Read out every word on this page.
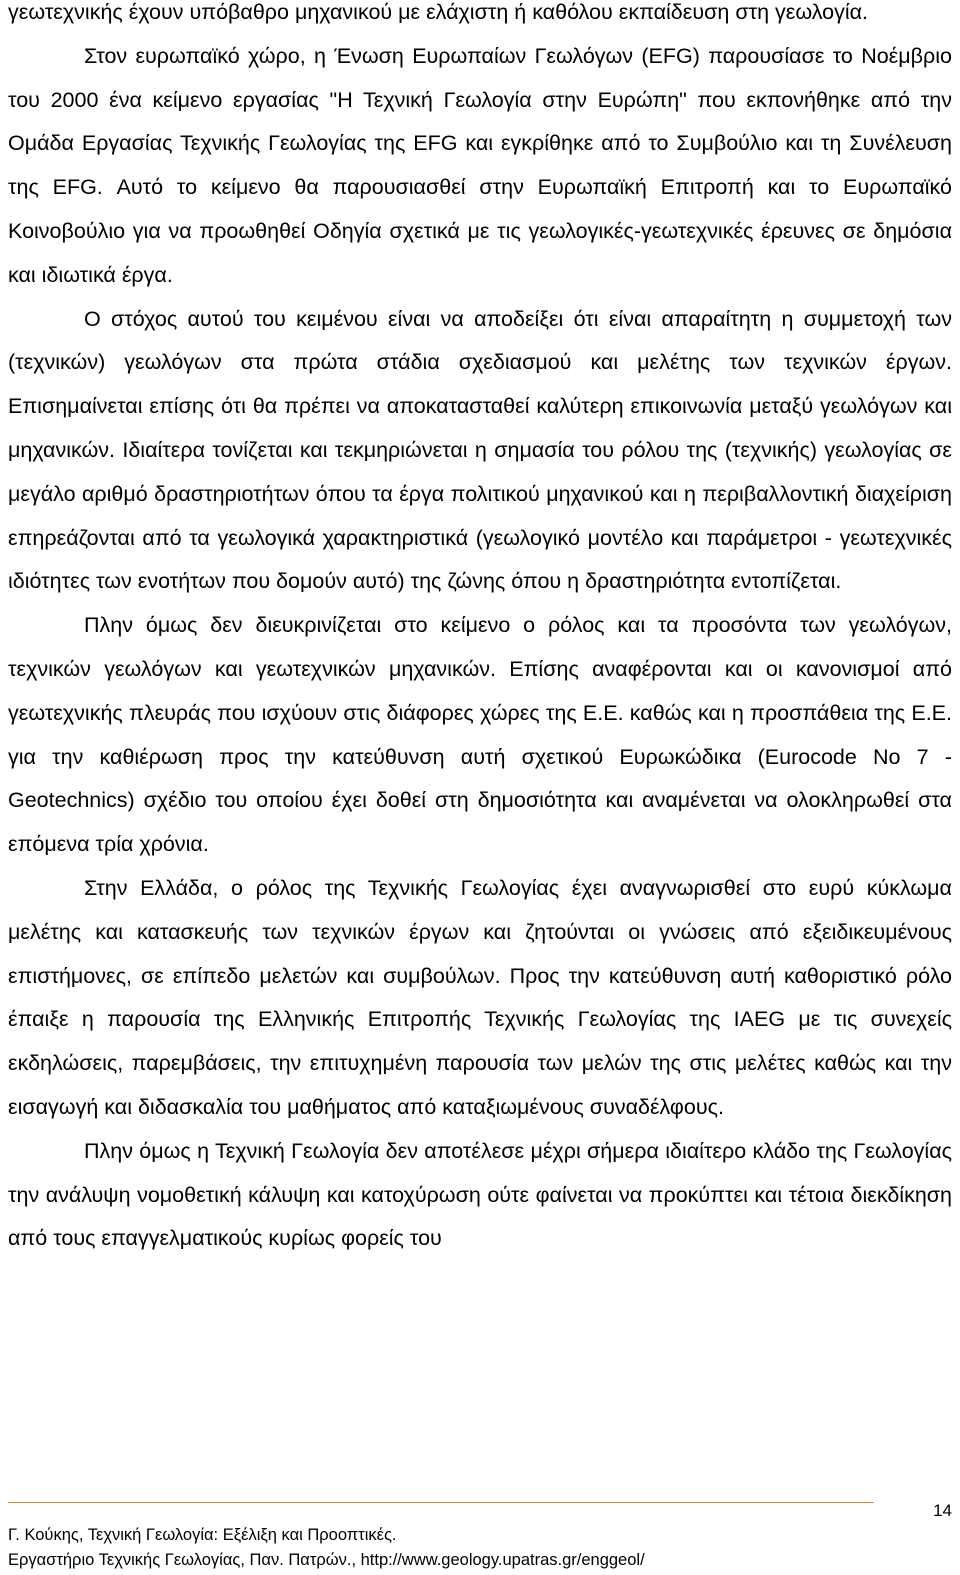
γεωτεχνικής έχουν υπόβαθρο μηχανικού με ελάχιστη ή καθόλου εκπαίδευση στη γεωλογία.

Στον ευρωπαϊκό χώρο, η Ένωση Ευρωπαίων Γεωλόγων (EFG) παρουσίασε το Νοέμβριο του 2000 ένα κείμενο εργασίας "Η Τεχνική Γεωλογία στην Ευρώπη" που εκπονήθηκε από την Ομάδα Εργασίας Τεχνικής Γεωλογίας της EFG και εγκρίθηκε από το Συμβούλιο και τη Συνέλευση της EFG. Αυτό το κείμενο θα παρουσιασθεί στην Ευρωπαϊκή Επιτροπή και το Ευρωπαϊκό Κοινοβούλιο για να προωθηθεί Οδηγία σχετικά με τις γεωλογικές-γεωτεχνικές έρευνες σε δημόσια και ιδιωτικά έργα.

Ο στόχος αυτού του κειμένου είναι να αποδείξει ότι είναι απαραίτητη η συμμετοχή των (τεχνικών) γεωλόγων στα πρώτα στάδια σχεδιασμού και μελέτης των τεχνικών έργων. Επισημαίνεται επίσης ότι θα πρέπει να αποκατασταθεί καλύτερη επικοινωνία μεταξύ γεωλόγων και μηχανικών. Ιδιαίτερα τονίζεται και τεκμηριώνεται η σημασία του ρόλου της (τεχνικής) γεωλογίας σε μεγάλο αριθμό δραστηριοτήτων όπου τα έργα πολιτικού μηχανικού και η περιβαλλοντική διαχείριση επηρεάζονται από τα γεωλογικά χαρακτηριστικά (γεωλογικό μοντέλο και παράμετροι - γεωτεχνικές ιδιότητες των ενοτήτων που δομούν αυτό) της ζώνης όπου η δραστηριότητα εντοπίζεται.

Πλην όμως δεν διευκρινίζεται στο κείμενο ο ρόλος και τα προσόντα των γεωλόγων, τεχνικών γεωλόγων και γεωτεχνικών μηχανικών. Επίσης αναφέρονται και οι κανονισμοί από γεωτεχνικής πλευράς που ισχύουν στις διάφορες χώρες της Ε.Ε. καθώς και η προσπάθεια της Ε.Ε. για την καθιέρωση προς την κατεύθυνση αυτή σχετικού Ευρωκώδικα (Eurocode No 7 - Geotechnics) σχέδιο του οποίου έχει δοθεί στη δημοσιότητα και αναμένεται να ολοκληρωθεί στα επόμενα τρία χρόνια.

Στην Ελλάδα, ο ρόλος της Τεχνικής Γεωλογίας έχει αναγνωρισθεί στο ευρύ κύκλωμα μελέτης και κατασκευής των τεχνικών έργων και ζητούνται οι γνώσεις από εξειδικευμένους επιστήμονες, σε επίπεδο μελετών και συμβούλων. Προς την κατεύθυνση αυτή καθοριστικό ρόλο έπαιξε η παρουσία της Ελληνικής Επιτροπής Τεχνικής Γεωλογίας της IAEG με τις συνεχείς εκδηλώσεις, παρεμβάσεις, την επιτυχημένη παρουσία των μελών της στις μελέτες καθώς και την εισαγωγή και διδασκαλία του μαθήματος από καταξιωμένους συναδέλφους.

Πλην όμως η Τεχνική Γεωλογία δεν αποτέλεσε μέχρι σήμερα ιδιαίτερο κλάδο της Γεωλογίας την ανάλυψη νομοθετική κάλυψη και κατοχύρωση ούτε φαίνεται να προκύπτει και τέτοια διεκδίκηση από τους επαγγελματικούς κυρίως φορείς του

14
Γ. Κούκης, Τεχνική Γεωλογία: Εξέλιξη και Προοπτικές.
Εργαστήριο Τεχνικής Γεωλογίας, Παν. Πατρών., http://www.geology.upatras.gr/enggeol/
